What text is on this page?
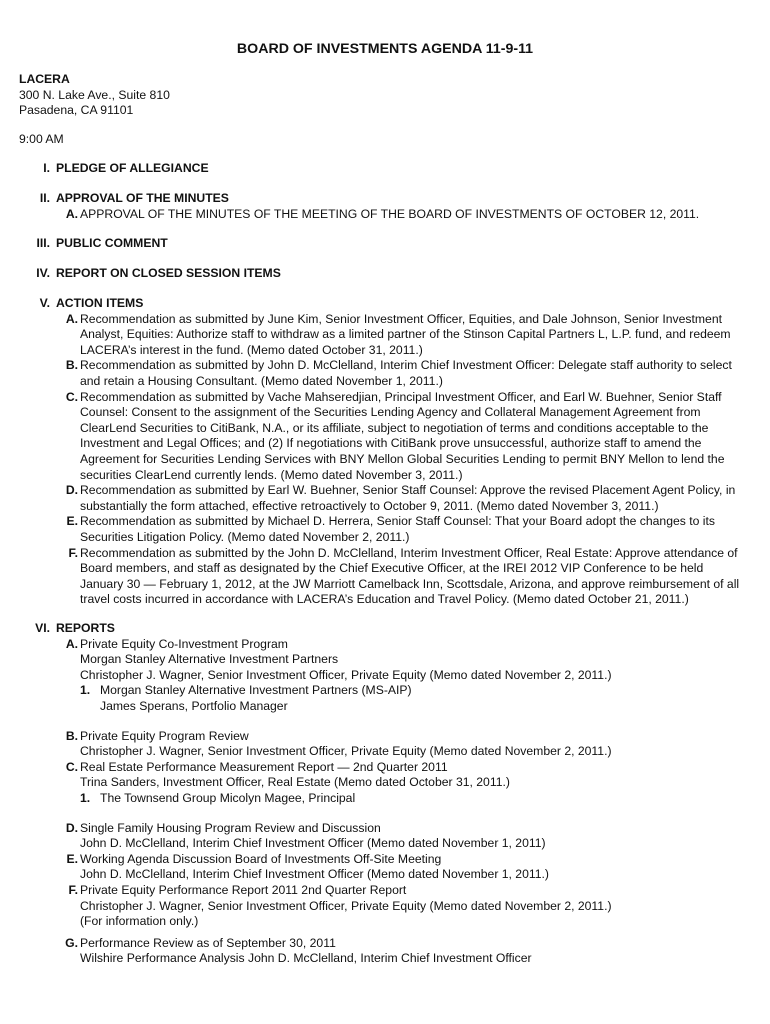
BOARD OF INVESTMENTS AGENDA 11-9-11
LACERA
300 N. Lake Ave., Suite 810
Pasadena, CA 91101
9:00 AM
I. PLEDGE OF ALLEGIANCE
II. APPROVAL OF THE MINUTES
A. APPROVAL OF THE MINUTES OF THE MEETING OF THE BOARD OF INVESTMENTS OF OCTOBER 12, 2011.
III. PUBLIC COMMENT
IV. REPORT ON CLOSED SESSION ITEMS
V. ACTION ITEMS
A. Recommendation as submitted by June Kim, Senior Investment Officer, Equities, and Dale Johnson, Senior Investment Analyst, Equities: Authorize staff to withdraw as a limited partner of the Stinson Capital Partners L, L.P. fund, and redeem LACERA’s interest in the fund. (Memo dated October 31, 2011.)
B. Recommendation as submitted by John D. McClelland, Interim Chief Investment Officer: Delegate staff authority to select and retain a Housing Consultant. (Memo dated November 1, 2011.)
C. Recommendation as submitted by Vache Mahseredjian, Principal Investment Officer, and Earl W. Buehner, Senior Staff Counsel: Consent to the assignment of the Securities Lending Agency and Collateral Management Agreement from ClearLend Securities to CitiBank, N.A., or its affiliate, subject to negotiation of terms and conditions acceptable to the Investment and Legal Offices; and (2) If negotiations with CitiBank prove unsuccessful, authorize staff to amend the Agreement for Securities Lending Services with BNY Mellon Global Securities Lending to permit BNY Mellon to lend the securities ClearLend currently lends. (Memo dated November 3, 2011.)
D. Recommendation as submitted by Earl W. Buehner, Senior Staff Counsel: Approve the revised Placement Agent Policy, in substantially the form attached, effective retroactively to October 9, 2011. (Memo dated November 3, 2011.)
E. Recommendation as submitted by Michael D. Herrera, Senior Staff Counsel: That your Board adopt the changes to its Securities Litigation Policy. (Memo dated November 2, 2011.)
F. Recommendation as submitted by the John D. McClelland, Interim Investment Officer, Real Estate: Approve attendance of Board members, and staff as designated by the Chief Executive Officer, at the IREI 2012 VIP Conference to be held January 30 — February 1, 2012, at the JW Marriott Camelback Inn, Scottsdale, Arizona, and approve reimbursement of all travel costs incurred in accordance with LACERA’s Education and Travel Policy. (Memo dated October 21, 2011.)
VI. REPORTS
A. Private Equity Co-Investment Program
Morgan Stanley Alternative Investment Partners
Christopher J. Wagner, Senior Investment Officer, Private Equity (Memo dated November 2, 2011.)
1. Morgan Stanley Alternative Investment Partners (MS-AIP)
James Sperans, Portfolio Manager
B. Private Equity Program Review
Christopher J. Wagner, Senior Investment Officer, Private Equity (Memo dated November 2, 2011.)
C. Real Estate Performance Measurement Report — 2nd Quarter 2011
Trina Sanders, Investment Officer, Real Estate (Memo dated October 31, 2011.)
1. The Townsend Group Micolyn Magee, Principal
D. Single Family Housing Program Review and Discussion
John D. McClelland, Interim Chief Investment Officer (Memo dated November 1, 2011)
E. Working Agenda Discussion Board of Investments Off-Site Meeting
John D. McClelland, Interim Chief Investment Officer (Memo dated November 1, 2011.)
F. Private Equity Performance Report 2011 2nd Quarter Report
Christopher J. Wagner, Senior Investment Officer, Private Equity (Memo dated November 2, 2011.)
(For information only.)
G. Performance Review as of September 30, 2011
Wilshire Performance Analysis John D. McClelland, Interim Chief Investment Officer
